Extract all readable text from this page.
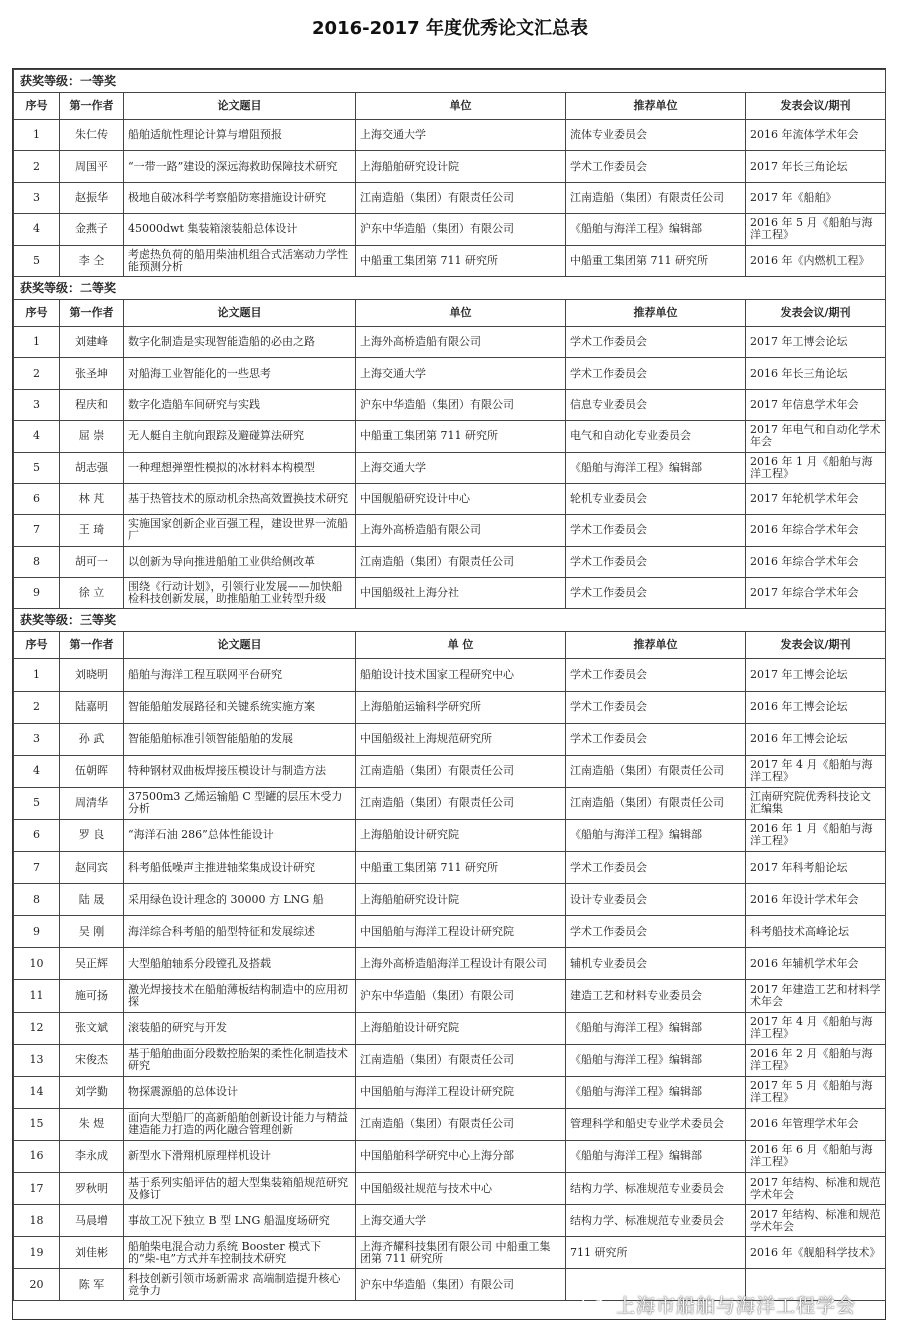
2016-2017 年度优秀论文汇总表
获奖等级：一等奖					
序号	第一作者	论文题目	单位	推荐单位	发表会议/期刊
1	朱仁传	船舶适航性理论计算与增阻预报	上海交通大学	流体专业委员会	2016 年流体学术年会
2	周国平	“一带一路”建设的深远海救助保障技术研究	上海船舶研究设计院	学术工作委员会	2017 年长三角论坛
3	赵振华	极地自破冰科学考察船防寒措施设计研究	江南造船（集团）有限责任公司	江南造船（集团）有限责任公司	2017 年《船舶》
4	金燕子	45000dwt 集装箱滚装船总体设计	沪东中华造船（集团）有限公司	《船舶与海洋工程》编辑部	2016 年 5 月《船舶与海洋工程》
5	李 仝	考虑热负荷的船用柴油机组合式活塞动力学性能预测分析	中船重工集团第 711 研究所	中船重工集团第 711 研究所	2016 年《内燃机工程》
获奖等级：二等奖					
序号	第一作者	论文题目	单位	推荐单位	发表会议/期刊
1	刘建峰	数字化制造是实现智能造船的必由之路	上海外高桥造船有限公司	学术工作委员会	2017 年工博会论坛
2	张圣坤	对船海工业智能化的一些思考	上海交通大学	学术工作委员会	2016 年长三角论坛
3	程庆和	数字化造船车间研究与实践	沪东中华造船（集团）有限公司	信息专业委员会	2017 年信息学术年会
4	屈 崇	无人艇自主航向跟踪及避碰算法研究	中船重工集团第 711 研究所	电气和自动化专业委员会	2017 年电气和自动化学术年会
5	胡志强	一种理想弹塑性模拟的冰材料本构模型	上海交通大学	《船舶与海洋工程》编辑部	2016 年 1 月《船舶与海洋工程》
6	林 芃	基于热管技术的原动机余热高效置换技术研究	中国舰船研究设计中心	轮机专业委员会	2017 年轮机学术年会
7	王 琦	实施国家创新企业百强工程，建设世界一流船厂	上海外高桥造船有限公司	学术工作委员会	2016 年综合学术年会
8	胡可一	以创新为导向推进船舶工业供给侧改革	江南造船（集团）有限责任公司	学术工作委员会	2016 年综合学术年会
9	徐 立	围绕《行动计划》，引领行业发展——加快船检科技创新发展，助推船舶工业转型升级	中国船级社上海分社	学术工作委员会	2017 年综合学术年会
获奖等级：三等奖					
序号	第一作者	论文题目	单 位	推荐单位	发表会议/期刊
1	刘晓明	船舶与海洋工程互联网平台研究	船舶设计技术国家工程研究中心	学术工作委员会	2017 年工博会论坛
2	陆嘉明	智能船舶发展路径和关键系统实施方案	上海船舶运输科学研究所	学术工作委员会	2016 年工博会论坛
3	孙 武	智能船舶标准引领智能船舶的发展	中国船级社上海规范研究所	学术工作委员会	2016 年工博会论坛
4	伍朝晖	特种钢材双曲板焊接压模设计与制造方法	江南造船（集团）有限责任公司	江南造船（集团）有限责任公司	2017 年 4 月《船舶与海洋工程》
5	周清华	37500m3 乙烯运输船 C 型罐的层压木受力分析	江南造船（集团）有限责任公司	江南造船（集团）有限责任公司	江南研究院优秀科技论文汇编集
6	罗 良	“海洋石油 286”总体性能设计	上海船舶设计研究院	《船舶与海洋工程》编辑部	2016 年 1 月《船舶与海洋工程》
7	赵同宾	科考船低噪声主推进轴桨集成设计研究	中船重工集团第 711 研究所	学术工作委员会	2017 年科考船论坛
8	陆 晟	采用绿色设计理念的 30000 方 LNG 船	上海船舶研究设计院	设计专业委员会	2016 年设计学术年会
9	吴 刚	海洋综合科考船的船型特征和发展综述	中国船舶与海洋工程设计研究院	学术工作委员会	科考船技术高峰论坛
10	吴正辉	大型船舶轴系分段镗孔及搭载	上海外高桥造船海洋工程设计有限公司	辅机专业委员会	2016 年辅机学术年会
11	施可扬	激光焊接技术在船舶薄板结构制造中的应用初探	沪东中华造船（集团）有限公司	建造工艺和材料专业委员会	2017 年建造工艺和材料学术年会
12	张文斌	滚装船的研究与开发	上海船舶设计研究院	《船舶与海洋工程》编辑部	2017 年 4 月《船舶与海洋工程》
13	宋俊杰	基于船舶曲面分段数控胎架的柔性化制造技术研究	江南造船（集团）有限责任公司	《船舶与海洋工程》编辑部	2016 年 2 月《船舶与海洋工程》
14	刘学勤	物探震源船的总体设计	中国船舶与海洋工程设计研究院	《船舶与海洋工程》编辑部	2017 年 5 月《船舶与海洋工程》
15	朱 煜	面向大型船厂的高新船舶创新设计能力与精益建造能力打造的两化融合管理创新	江南造船（集团）有限责任公司	管理科学和船史专业学术委员会	2016 年管理学术年会
16	李永成	新型水下滑翔机原理样机设计	中国船舶科学研究中心上海分部	《船舶与海洋工程》编辑部	2016 年 6 月《船舶与海洋工程》
17	罗秋明	基于系列实船评估的超大型集装箱船规范研究及修订	中国船级社规范与技术中心	结构力学、标准规范专业委员会	2017 年结构、标准和规范学术年会
18	马晨增	事故工况下独立 B 型 LNG 船温度场研究	上海交通大学	结构力学、标准规范专业委员会	2017 年结构、标准和规范学术年会
19	刘佳彬	船舶柴电混合动力系统 Booster 模式下的“柴-电”方式并车控制技术研究	上海齐耀科技集团有限公司 中船重工集团第 711 研究所	711 研究所	2016 年《舰船科学技术》
20	陈 军	科技创新引领市场新需求 高端制造提升核心竞争力	沪东中华造船（集团）有限公司		
上海市船舶与海洋工程学会
